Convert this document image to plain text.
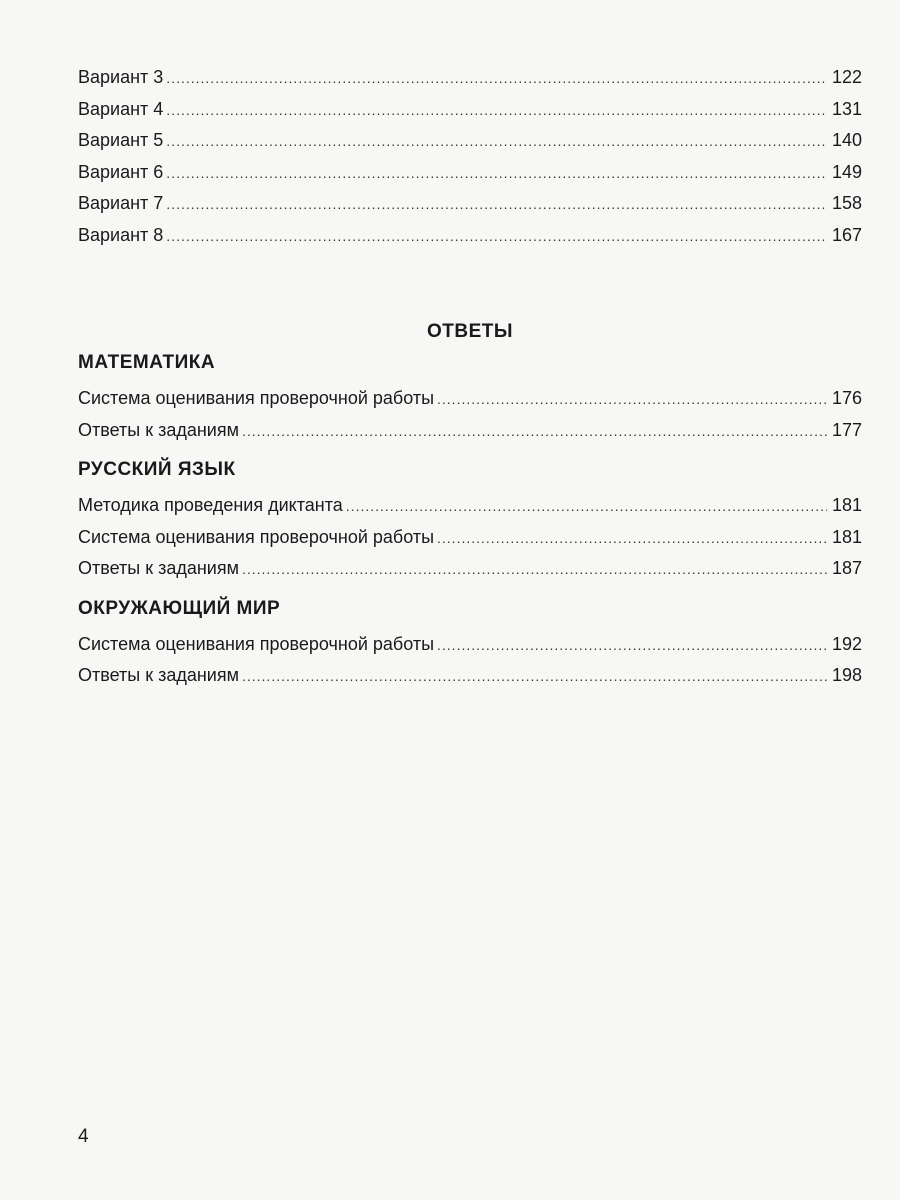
Вариант 3 .....	122
Вариант 4 .....	131
Вариант 5 .....	140
Вариант 6 .....	149
Вариант 7 .....	158
Вариант 8 .....	167
ОТВЕТЫ
МАТЕМАТИКА
Система оценивания проверочной работы .....	176
Ответы к заданиям .....	177
РУССКИЙ ЯЗЫК
Методика проведения диктанта .....	181
Система оценивания проверочной работы .....	181
Ответы к заданиям .....	187
ОКРУЖАЮЩИЙ МИР
Система оценивания проверочной работы .....	192
Ответы к заданиям .....	198
4
